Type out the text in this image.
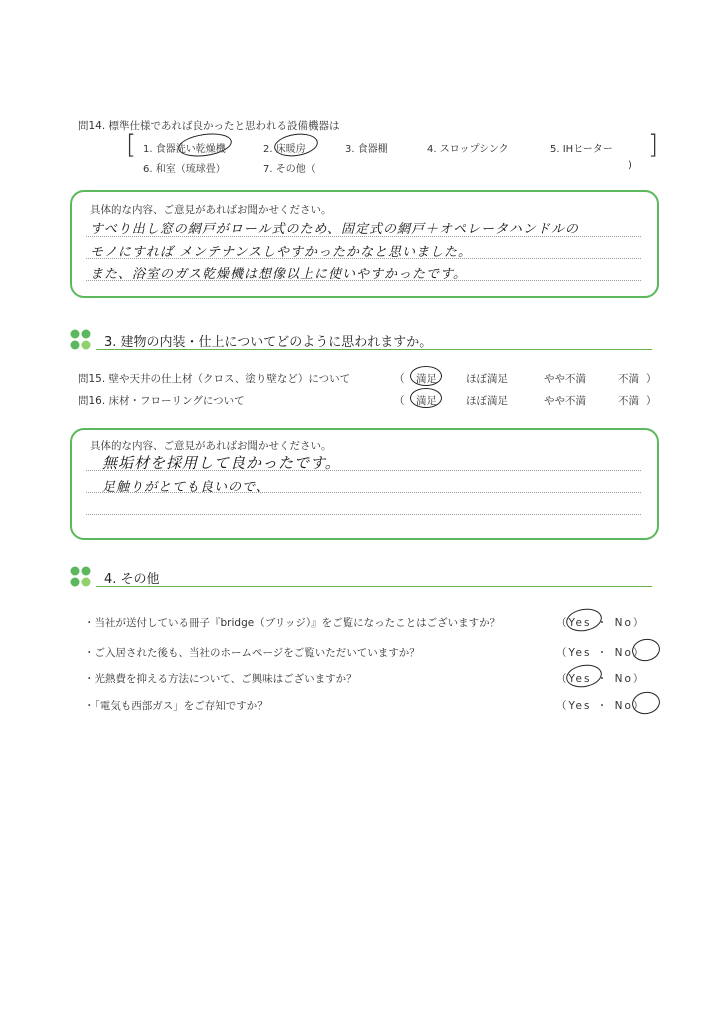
問14. 標準仕様であれば良かったと思われる設備機器は
[ 1. 食器洗い乾燥機	2. 床暖房	3. 食器棚	4. スロップシンク	5. IHヒーター
6. 和室（琉球畳）	7. その他（	)
]
具体的な内容、ご意見があればお聞かせください。
すべり出し窓の網戸がロール式のため、固定式の網戸＋オペレータハンドルの
モノにすれば メンテナンスしやすかったかなと思いました。
また、浴室のガス乾燥機は想像以上に使いやすかったです。
3. 建物の内装・仕上についてどのように思われますか。
問15. 壁や天井の仕上材（クロス、塗り壁など）について	（ 満足	ほぼ満足	やや不満	不満 ）
問16. 床材・フローリングについて	（ 満足	ほぼ満足	やや不満	不満 ）
具体的な内容、ご意見があればお聞かせください。
無垢材を採用して良かったです。
足触りがとても良いので、
4. その他
・当社が送付している冊子『bridge（ブリッジ）』をご覧になったことはございますか？	（Yes ・ No）
・ご入居された後も、当社のホームページをご覧いただいていますか？	（Yes ・ No）
・光熱費を抑える方法について、ご興味はございますか？	（Yes ・ No）
・「電気も西部ガス」をご存知ですか？	（Yes ・ No）
